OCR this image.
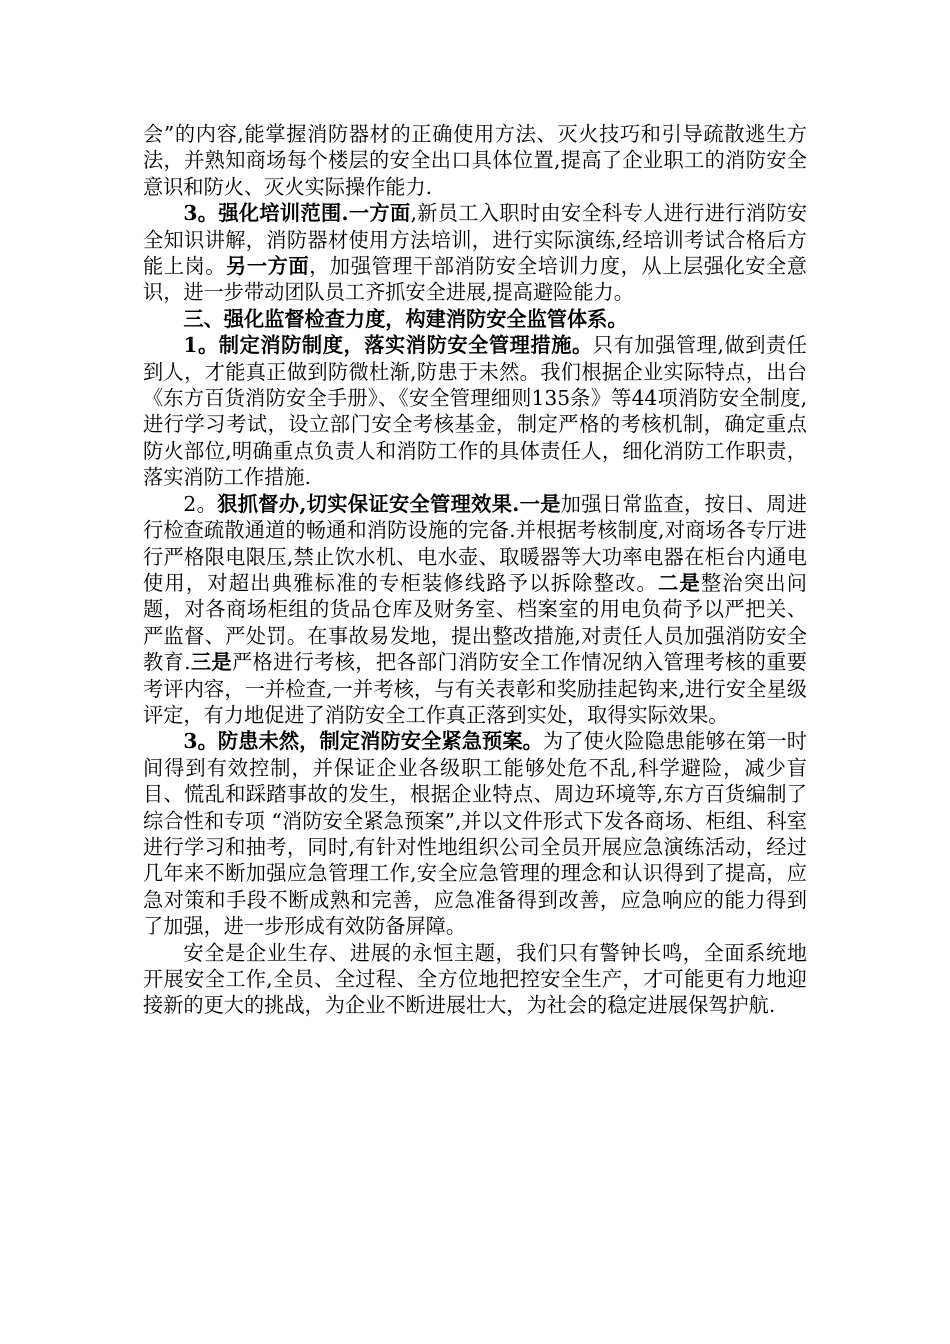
会”的内容,能掌握消防器材的正确使用方法、灭火技巧和引导疏散逃生方法，并熟知商场每个楼层的安全出口具体位置,提高了企业职工的消防安全意识和防火、灭火实际操作能力.

3。强化培训范围.一方面,新员工入职时由安全科专人进行进行消防安全知识讲解，消防器材使用方法培训，进行实际演练,经培训考试合格后方能上岗。另一方面，加强管理干部消防安全培训力度，从上层强化安全意识，进一步带动团队员工齐抓安全进展,提高避险能力。

三、强化监督检查力度，构建消防安全监管体系。

1。制定消防制度，落实消防安全管理措施。只有加强管理,做到责任到人，才能真正做到防微杜渐,防患于未然。我们根据企业实际特点，出台《东方百货消防安全手册》、《安全管理细则135条》等44项消防安全制度,进行学习考试，设立部门安全考核基金，制定严格的考核机制，确定重点防火部位,明确重点负责人和消防工作的具体责任人，细化消防工作职责，落实消防工作措施.

2。狠抓督办,切实保证安全管理效果.一是加强日常监查，按日、周进行检查疏散通道的畅通和消防设施的完备.并根据考核制度,对商场各专厅进行严格限电限压,禁止饮水机、电水壶、取暖器等大功率电器在柜台内通电使用，对超出典雅标准的专柜装修线路予以拆除整改。二是整治突出问题，对各商场柜组的货品仓库及财务室、档案室的用电负荷予以严把关、严监督、严处罚。在事故易发地，提出整改措施,对责任人员加强消防安全教育.三是严格进行考核，把各部门消防安全工作情况纳入管理考核的重要考评内容，一并检查,一并考核，与有关表彰和奖励挂起钩来,进行安全星级评定，有力地促进了消防安全工作真正落到实处，取得实际效果。

3。防患未然，制定消防安全紧急预案。为了使火险隐患能够在第一时间得到有效控制，并保证企业各级职工能够处危不乱,科学避险，减少盲目、慌乱和踩踏事故的发生，根据企业特点、周边环境等,东方百货编制了综合性和专项 “消防安全紧急预案”,并以文件形式下发各商场、柜组、科室进行学习和抽考，同时,有针对性地组织公司全员开展应急演练活动，经过几年来不断加强应急管理工作,安全应急管理的理念和认识得到了提高，应急对策和手段不断成熟和完善，应急准备得到改善，应急响应的能力得到了加强，进一步形成有效防备屏障。

安全是企业生存、进展的永恒主题，我们只有警钟长鸣，全面系统地开展安全工作,全员、全过程、全方位地把控安全生产，才可能更有力地迎接新的更大的挑战，为企业不断进展壮大，为社会的稳定进展保驾护航.
